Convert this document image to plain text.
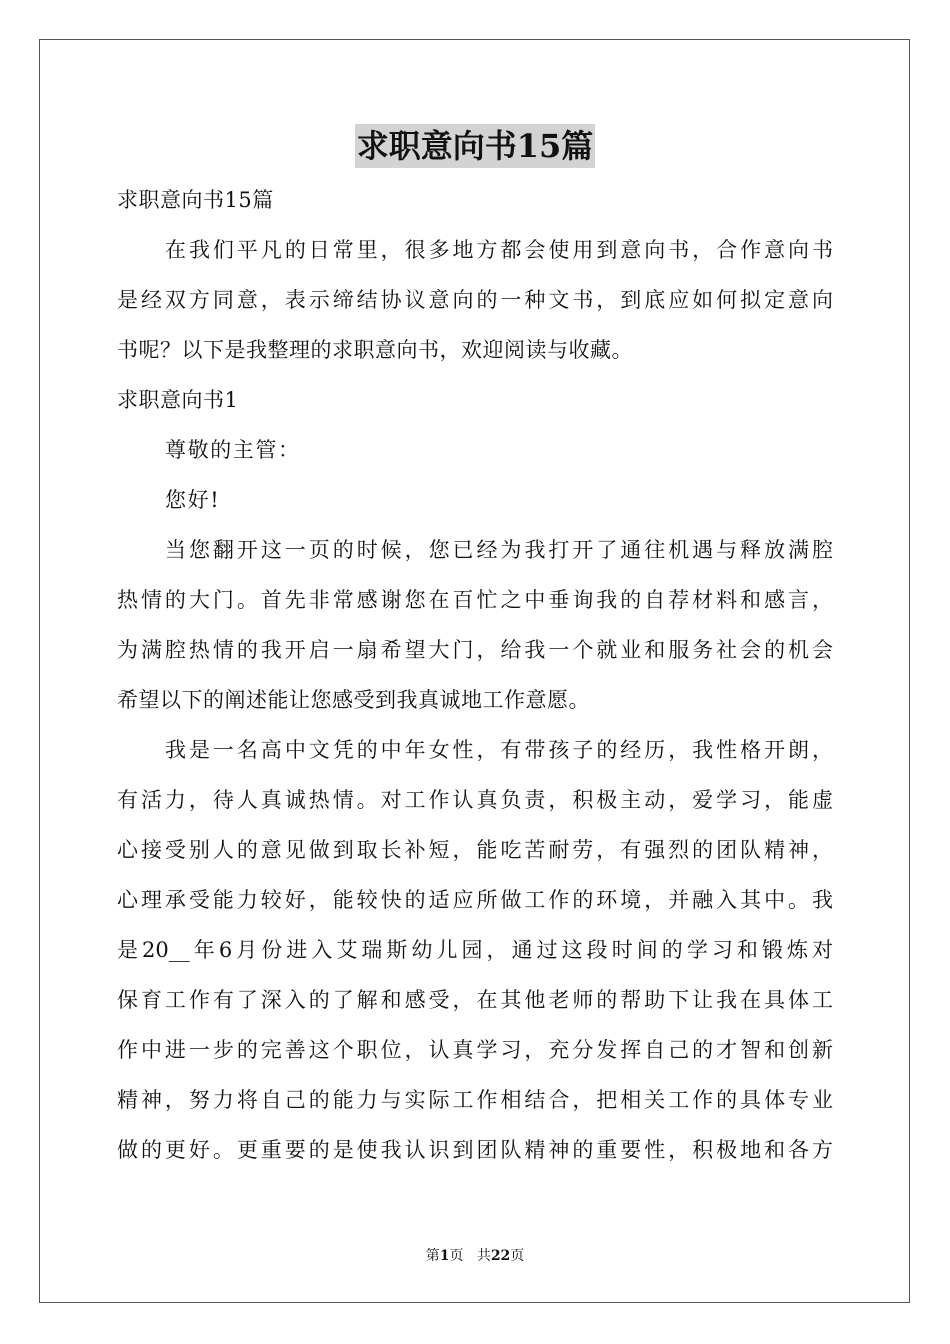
求职意向书15篇
求职意向书15篇
在我们平凡的日常里，很多地方都会使用到意向书，合作意向书
是经双方同意，表示缔结协议意向的一种文书，到底应如何拟定意向
书呢？以下是我整理的求职意向书，欢迎阅读与收藏。
求职意向书1
尊敬的主管：
您好!
当您翻开这一页的时候，您已经为我打开了通往机遇与释放满腔
热情的大门。首先非常感谢您在百忙之中垂询我的自荐材料和感言，
为满腔热情的我开启一扇希望大门，给我一个就业和服务社会的机会
希望以下的阐述能让您感受到我真诚地工作意愿。
我是一名高中文凭的中年女性，有带孩子的经历，我性格开朗，
有活力，待人真诚热情。对工作认真负责，积极主动，爱学习，能虚
心接受别人的意见做到取长补短，能吃苦耐劳，有强烈的团队精神，
心理承受能力较好，能较快的适应所做工作的环境，并融入其中。我
是20__年6月份进入艾瑞斯幼儿园，通过这段时间的学习和锻炼对
保育工作有了深入的了解和感受，在其他老师的帮助下让我在具体工
作中进一步的完善这个职位，认真学习，充分发挥自己的才智和创新
精神，努力将自己的能力与实际工作相结合，把相关工作的具体专业
做的更好。更重要的是使我认识到团队精神的重要性，积极地和各方
第1页 共22页
